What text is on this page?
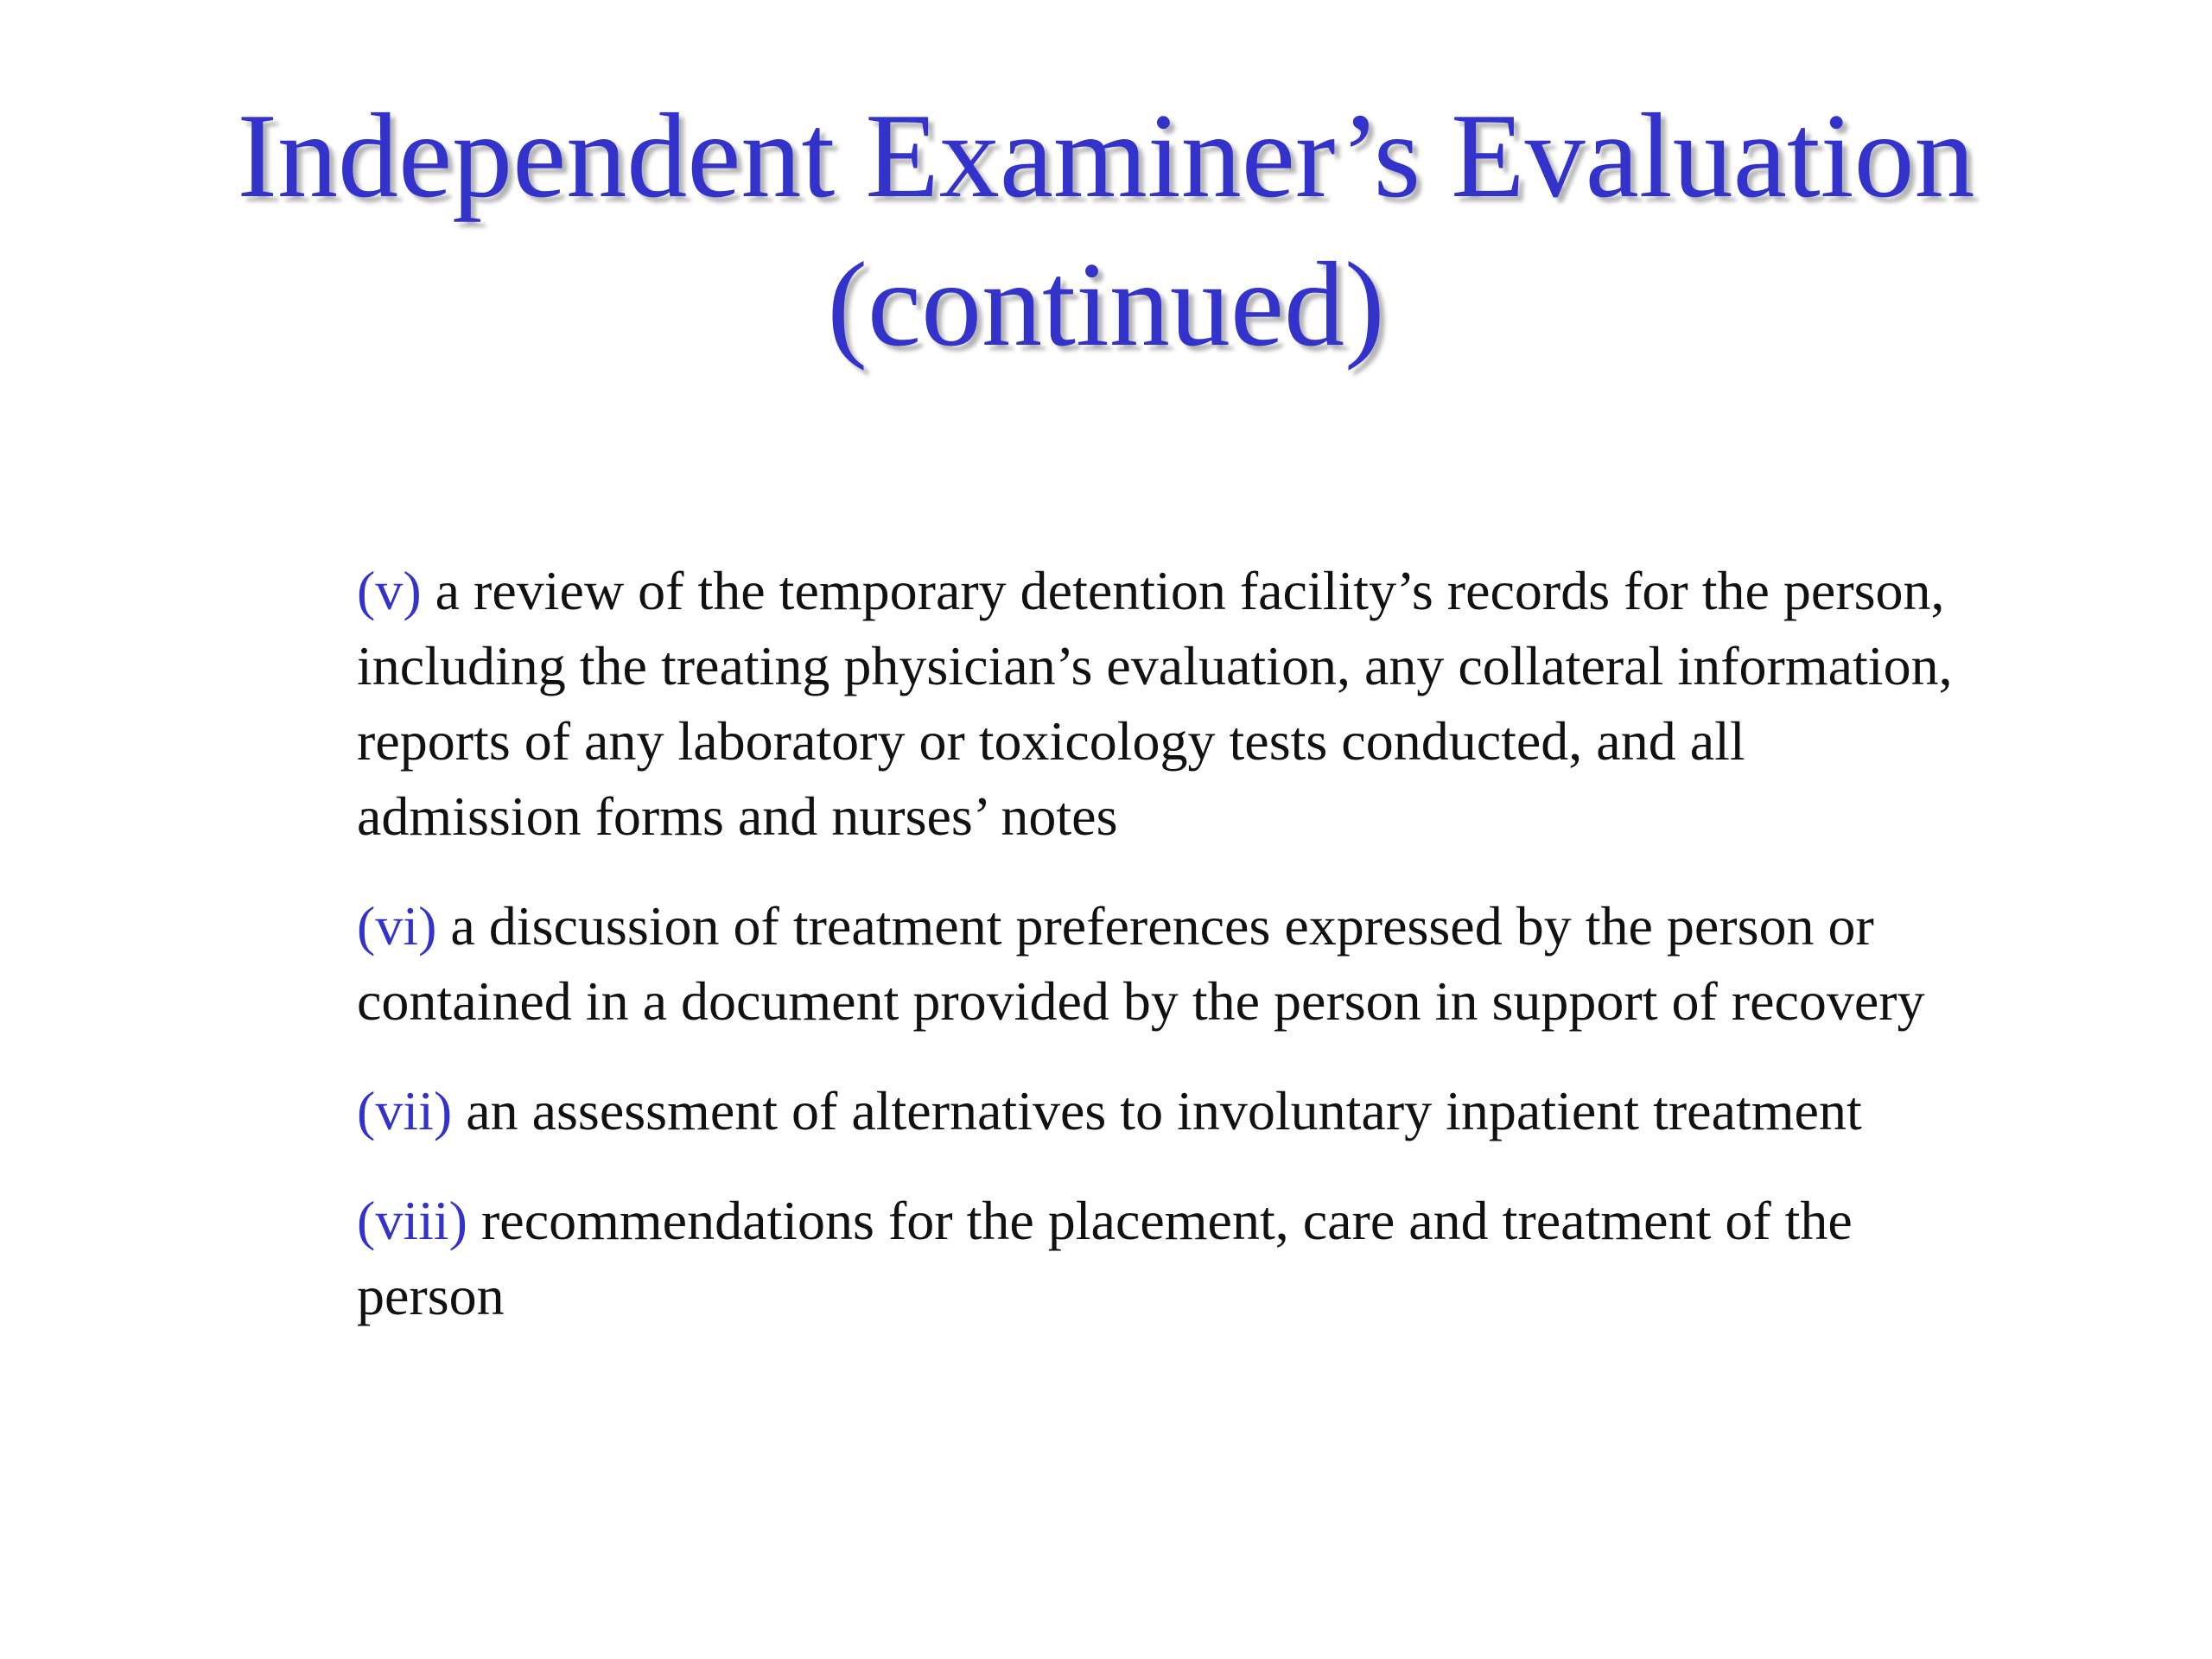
Independent Examiner’s Evaluation
(continued)

(v) a review of the temporary detention facility’s records for the person, including the treating physician’s evaluation, any collateral information, reports of any laboratory or toxicology tests conducted, and all admission forms and nurses’ notes

(vi) a discussion of treatment preferences expressed by the person or contained in a document provided by the person in support of recovery

(vii) an assessment of alternatives to involuntary inpatient treatment

(viii) recommendations for the placement, care and treatment of the person
